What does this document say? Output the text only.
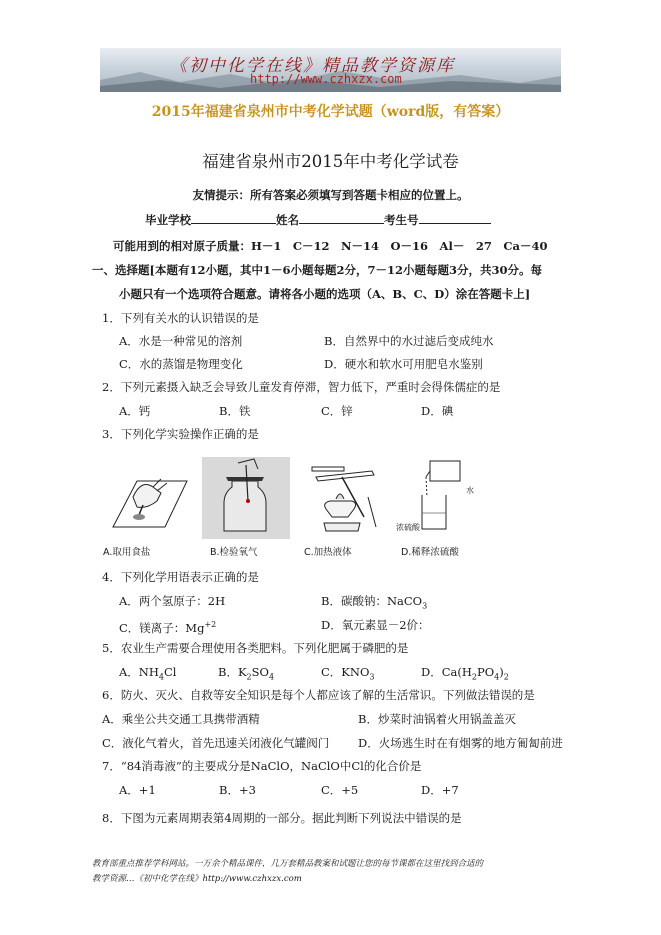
《初中化学在线》精品教学资源库
http://www.czhxzx.com
2015年福建省泉州市中考化学试题（word版，有答案）
福建省泉州市2015年中考化学试卷
友情提示：所有答案必须填写到答题卡相应的位置上。
毕业学校	姓名	考生号
可能用到的相对原子质量：H－1　C－12　N－14　O－16　Al－　27　Ca－40
一、选择题[本题有12小题，其中1－6小题每题2分，7－12小题每题3分，共30分。每
小题只有一个选项符合题意。请将各小题的选项（A、B、C、D）涂在答题卡上]
1．下列有关水的认识错误的是
A．水是一种常见的溶剂	B．自然界中的水过滤后变成纯水
C．水的蒸馏是物理变化	D．硬水和软水可用肥皂水鉴别
2．下列元素摄入缺乏会导致儿童发育停滞，智力低下，严重时会得侏儒症的是
A．钙	B．铁	C．锌	D．碘
3．下列化学实验操作正确的是
水
浓硫酸
A.取用食盐	B.检验氧气	C.加热液体	D.稀释浓硫酸
4．下列化学用语表示正确的是
A．两个氢原子：2H	B．碳酸钠：NaCO$_3$
C．镁离子：$Mg^{+2}$	D．氧元素显－2价：
5．农业生产需要合理使用各类肥料。下列化肥属于磷肥的是
A．$NH_4Cl$	B．$K_2SO_4$	C．$KNO_3$	D．$Ca(H_2PO_4)_2$
6．防火、灭火、自救等安全知识是每个人都应该了解的生活常识。下列做法错误的是
A．乘坐公共交通工具携带酒精	B．炒菜时油锅着火用锅盖盖灭
C．液化气着火，首先迅速关闭液化气罐阀门 D．火场逃生时在有烟雾的地方匍匐前进
7．“84消毒液”的主要成分是NaClO，NaClO中Cl的化合价是
A．+1	B．+3	C．+5	D．+7
8．下图为元素周期表第4周期的一部分。据此判断下列说法中错误的是
教育部重点推荐学科网站。一万余个精品课件，几万套精品教案和试题让您的每节课都在这里找到合适的
教学资源…《初中化学在线》http://www.czhxzx.com
